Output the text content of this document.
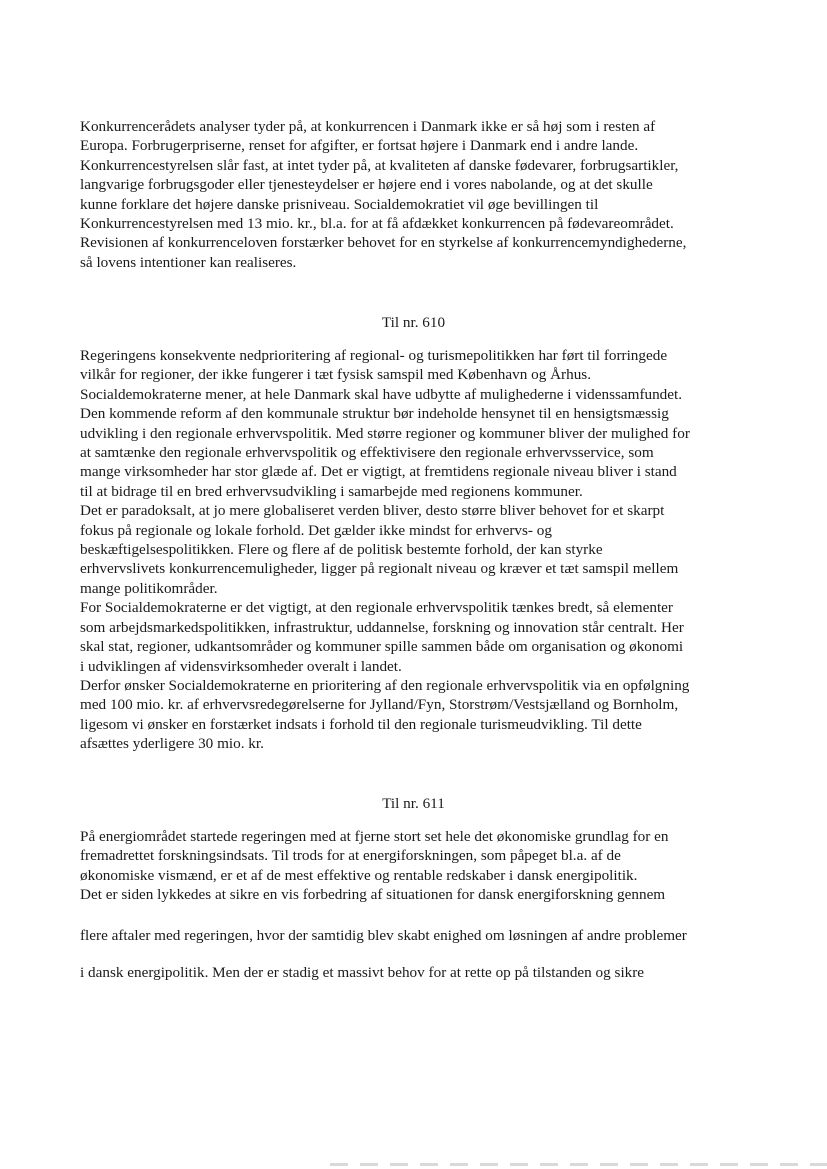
Konkurrencerådets analyser tyder på, at konkurrencen i Danmark ikke er så høj som i resten af
Europa. Forbrugerpriserne, renset for afgifter, er fortsat højere i Danmark end i andre lande.
Konkurrencestyrelsen slår fast, at intet tyder på, at kvaliteten af danske fødevarer, forbrugsartikler,
langvarige forbrugsgoder eller tjenesteydelser er højere end i vores nabolande, og at det skulle
kunne forklare det højere danske prisniveau. Socialdemokratiet vil øge bevillingen til
Konkurrencestyrelsen med 13 mio. kr., bl.a. for at få afdækket konkurrencen på fødevareområdet.
Revisionen af konkurrenceloven forstærker behovet for en styrkelse af konkurrencemyndighederne,
så lovens intentioner kan realiseres.

Til nr. 610

Regeringens konsekvente nedprioritering af regional- og turismepolitikken har ført til forringede
vilkår for regioner, der ikke fungerer i tæt fysisk samspil med København og Århus.
Socialdemokraterne mener, at hele Danmark skal have udbytte af mulighederne i videnssamfundet.
Den kommende reform af den kommunale struktur bør indeholde hensynet til en hensigtsmæssig
udvikling i den regionale erhvervspolitik. Med større regioner og kommuner bliver der mulighed for
at samtænke den regionale erhvervspolitik og effektivisere den regionale erhvervsservice, som
mange virksomheder har stor glæde af. Det er vigtigt, at fremtidens regionale niveau bliver i stand
til at bidrage til en bred erhvervsudvikling i samarbejde med regionens kommuner.
Det er paradoksalt, at jo mere globaliseret verden bliver, desto større bliver behovet for et skarpt
fokus på regionale og lokale forhold. Det gælder ikke mindst for erhvervs- og
beskæftigelsespolitikken. Flere og flere af de politisk bestemte forhold, der kan styrke
erhvervslivets konkurrencemuligheder, ligger på regionalt niveau og kræver et tæt samspil mellem
mange politikområder.
For Socialdemokraterne er det vigtigt, at den regionale erhvervspolitik tænkes bredt, så elementer
som arbejdsmarkedspolitikken, infrastruktur, uddannelse, forskning og innovation står centralt. Her
skal stat, regioner, udkantsområder og kommuner spille sammen både om organisation og økonomi
i udviklingen af vidensvirksomheder overalt i landet.
Derfor ønsker Socialdemokraterne en prioritering af den regionale erhvervspolitik via en opfølgning
med 100 mio. kr. af erhvervsredegørelserne for Jylland/Fyn, Storstrøm/Vestsjælland og Bornholm,
ligesom vi ønsker en forstærket indsats i forhold til den regionale turismeudvikling. Til dette
afsættes yderligere 30 mio. kr.

Til nr. 611

På energiområdet startede regeringen med at fjerne stort set hele det økonomiske grundlag for en
fremadrettet forskningsindsats. Til trods for at energiforskningen, som påpeget bl.a. af de
økonomiske vismænd, er et af de mest effektive og rentable redskaber i dansk energipolitik.
Det er siden lykkedes at sikre en vis forbedring af situationen for dansk energiforskning gennem

flere aftaler med regeringen, hvor der samtidig blev skabt enighed om løsningen af andre problemer

i dansk energipolitik. Men der er stadig et massivt behov for at rette op på tilstanden og sikre
